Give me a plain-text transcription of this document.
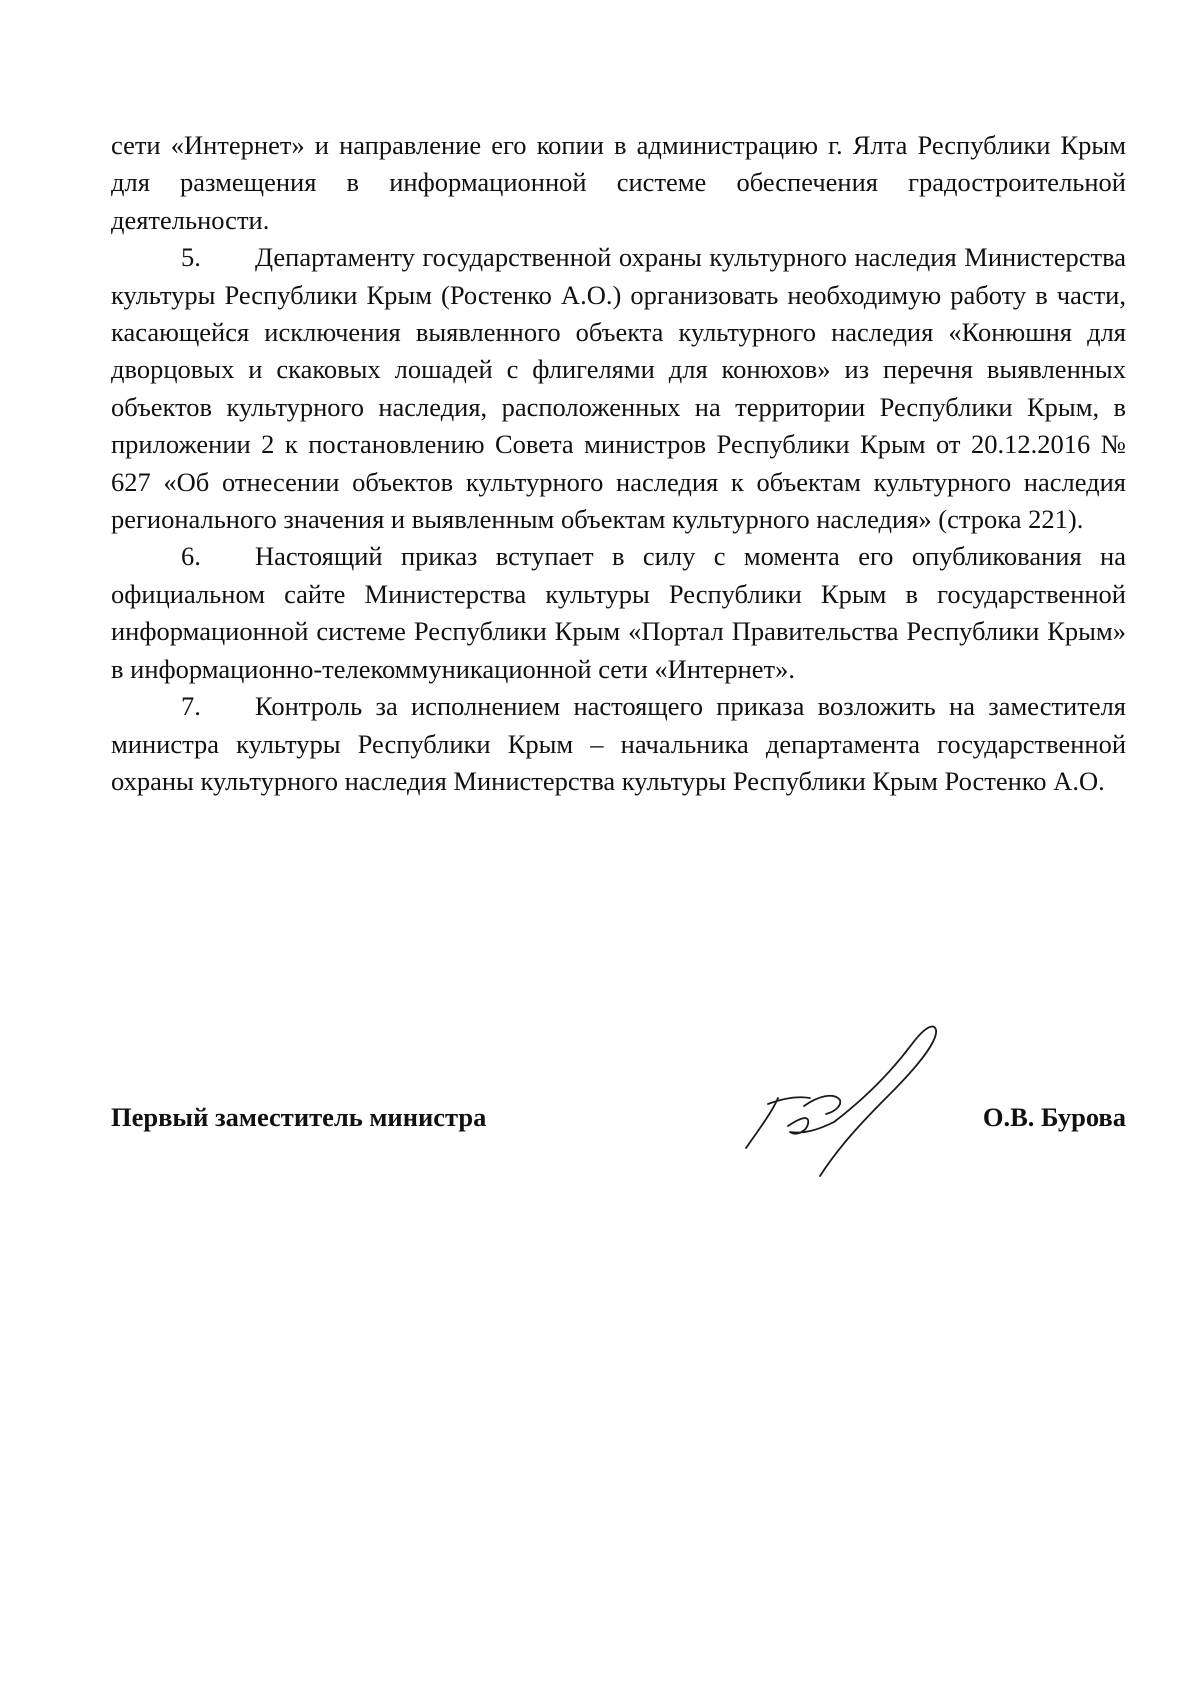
сети «Интернет» и направление его копии в администрацию г. Ялта Республики Крым для размещения в информационной системе обеспечения градостроительной деятельности.

5. Департаменту государственной охраны культурного наследия Министерства культуры Республики Крым (Ростенко А.О.) организовать необходимую работу в части, касающейся исключения выявленного объекта культурного наследия «Конюшня для дворцовых и скаковых лошадей с флигелями для конюхов» из перечня выявленных объектов культурного наследия, расположенных на территории Республики Крым, в приложении 2 к постановлению Совета министров Республики Крым от 20.12.2016 № 627 «Об отнесении объектов культурного наследия к объектам культурного наследия регионального значения и выявленным объектам культурного наследия» (строка 221).

6. Настоящий приказ вступает в силу с момента его опубликования на официальном сайте Министерства культуры Республики Крым в государственной информационной системе Республики Крым «Портал Правительства Республики Крым» в информационно-телекоммуникационной сети «Интернет».

7. Контроль за исполнением настоящего приказа возложить на заместителя министра культуры Республики Крым – начальника департамента государственной охраны культурного наследия Министерства культуры Республики Крым Ростенко А.О.

Первый заместитель министра	О.В. Бурова
